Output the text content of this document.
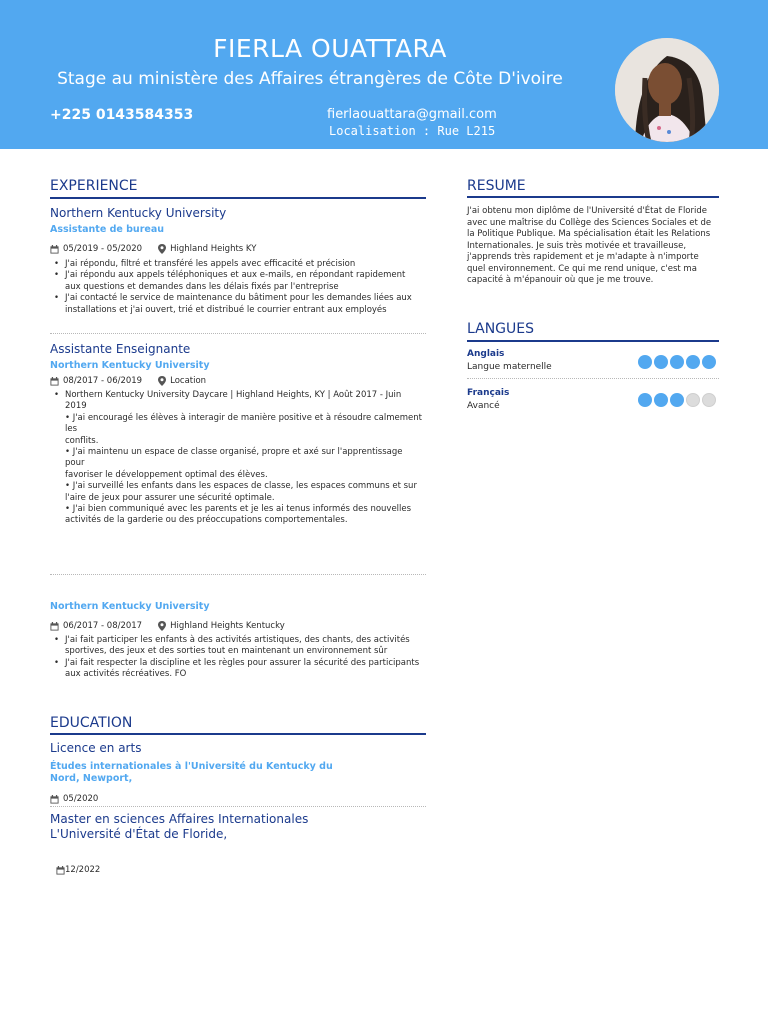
FIERLA OUATTARA
Stage au ministère des Affaires étrangères de Côte D'ivoire
+225 0143584353	fierlaouattara@gmail.com
Localisation : Rue L215
EXPERIENCE
Northern Kentucky University
Assistante de bureau
05/2019 - 05/2020	Highland Heights KY
• J'ai répondu, filtré et transféré les appels avec efficacité et précision
• J'ai répondu aux appels téléphoniques et aux e-mails, en répondant rapidement aux questions et demandes dans les délais fixés par l'entreprise
• J'ai contacté le service de maintenance du bâtiment pour les demandes liées aux installations et j'ai ouvert, trié et distribué le courrier entrant aux employés
Assistante Enseignante
Northern Kentucky University
08/2017 - 06/2019	Location
• Northern Kentucky University Daycare | Highland Heights, KY | Août 2017 - Juin 2019
• J'ai encouragé les élèves à interagir de manière positive et à résoudre calmement les
conflits.
• J'ai maintenu un espace de classe organisé, propre et axé sur l'apprentissage pour
favoriser le développement optimal des élèves.
• J'ai surveillé les enfants dans les espaces de classe, les espaces communs et sur
l'aire de jeux pour assurer une sécurité optimale.
• J'ai bien communiqué avec les parents et je les ai tenus informés des nouvelles
activités de la garderie ou des préoccupations comportementales.
Northern Kentucky University
06/2017 - 08/2017	Highland Heights Kentucky
• J'ai fait participer les enfants à des activités artistiques, des chants, des activités sportives, des jeux et des sorties tout en maintenant un environnement sûr
• J'ai fait respecter la discipline et les règles pour assurer la sécurité des participants aux activités récréatives. FO
EDUCATION
Licence en arts
Études internationales à l'Université du Kentucky du Nord, Newport,
05/2020
Master en sciences Affaires Internationales
L'Université d'État de Floride,
12/2022
RESUME
J'ai obtenu mon diplôme de l'Université d'État de Floride avec une maîtrise du Collège des Sciences Sociales et de la Politique Publique. Ma spécialisation était les Relations Internationales. Je suis très motivée et travailleuse, j'apprends très rapidement et je m'adapte à n'importe quel environnement. Ce qui me rend unique, c'est ma capacité à m'épanouir où que je me trouve.
LANGUES
Anglais
Langue maternelle
Français
Avancé
